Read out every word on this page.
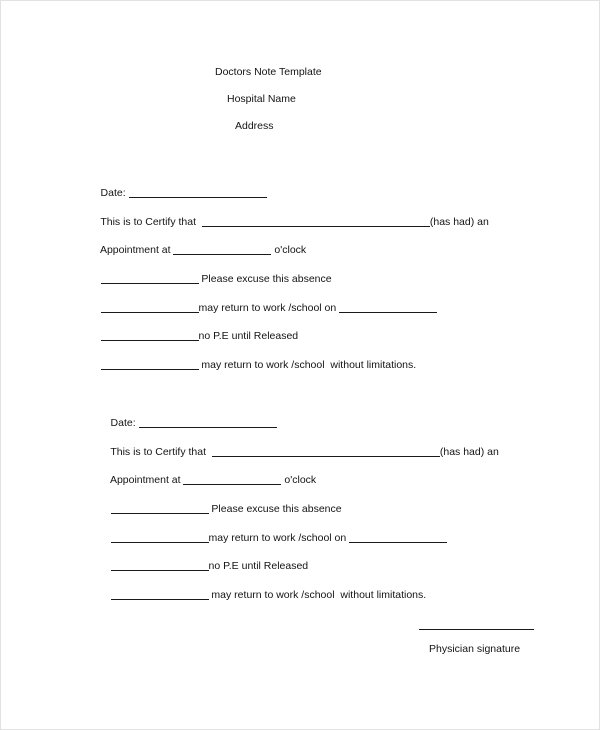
Doctors Note Template
Hospital Name
Address

Date:

This is to Certify that	(has had) an

Appointment at	o'clock

Please excuse this absence

may return to work /school on

no P.E until Released

may return to work /school  without limitations.

Date:

This is to Certify that	(has had) an

Appointment at	o'clock

Please excuse this absence

may return to work /school on

no P.E until Released

may return to work /school  without limitations.

Physician signature
